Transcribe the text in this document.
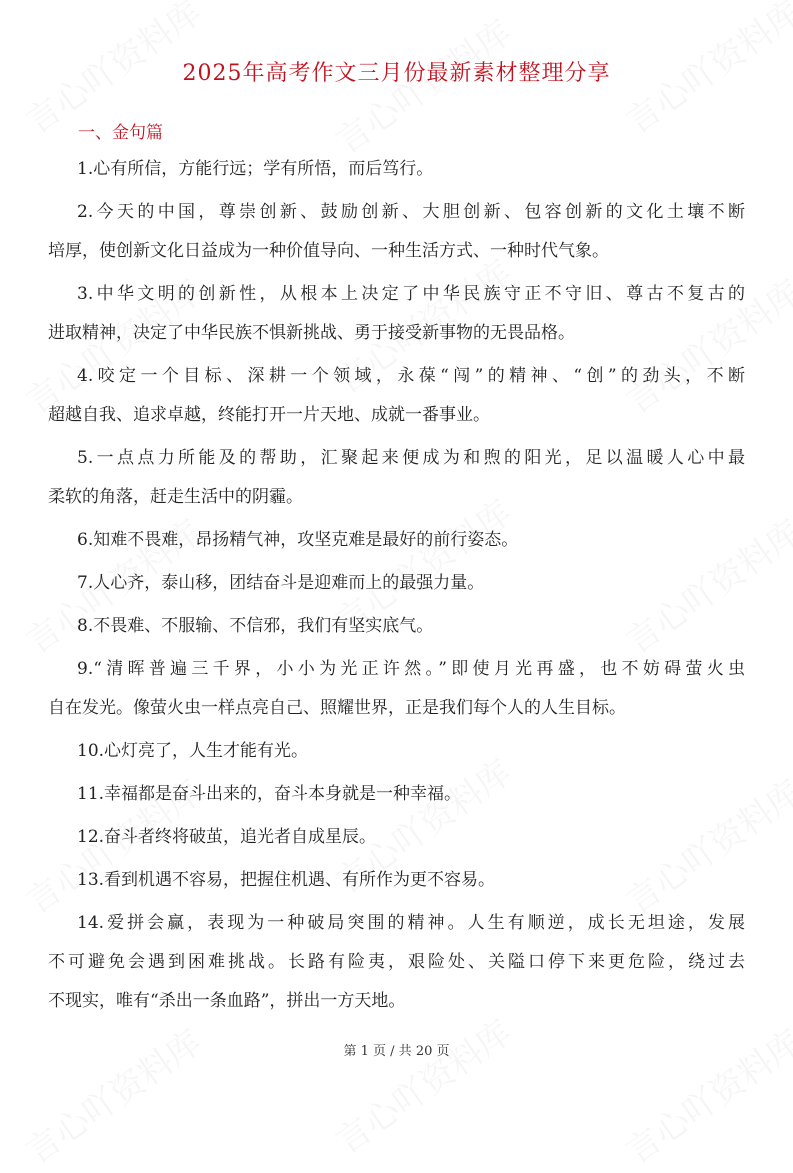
2025年高考作文三月份最新素材整理分享
一、金句篇
1.心有所信，方能行远；学有所悟，而后笃行。
2.今天的中国，尊崇创新、鼓励创新、大胆创新、包容创新的文化土壤不断
培厚，使创新文化日益成为一种价值导向、一种生活方式、一种时代气象。
3.中华文明的创新性，从根本上决定了中华民族守正不守旧、尊古不复古的
进取精神，决定了中华民族不惧新挑战、勇于接受新事物的无畏品格。
4.咬定一个目标、深耕一个领域，永葆“闯”的精神、“创”的劲头，不断
超越自我、追求卓越，终能打开一片天地、成就一番事业。
5.一点点力所能及的帮助，汇聚起来便成为和煦的阳光，足以温暖人心中最
柔软的角落，赶走生活中的阴霾。
6.知难不畏难，昂扬精气神，攻坚克难是最好的前行姿态。
7.人心齐，泰山移，团结奋斗是迎难而上的最强力量。
8.不畏难、不服输、不信邪，我们有坚实底气。
9.“清晖普遍三千界，小小为光正许然。”即使月光再盛，也不妨碍萤火虫
自在发光。像萤火虫一样点亮自己、照耀世界，正是我们每个人的人生目标。
10.心灯亮了，人生才能有光。
11.幸福都是奋斗出来的，奋斗本身就是一种幸福。
12.奋斗者终将破茧，追光者自成星辰。
13.看到机遇不容易，把握住机遇、有所作为更不容易。
14.爱拼会赢，表现为一种破局突围的精神。人生有顺逆，成长无坦途，发展
不可避免会遇到困难挑战。长路有险夷，艰险处、关隘口停下来更危险，绕过去
不现实，唯有“杀出一条血路”，拼出一方天地。
第 1 页 / 共 20 页
